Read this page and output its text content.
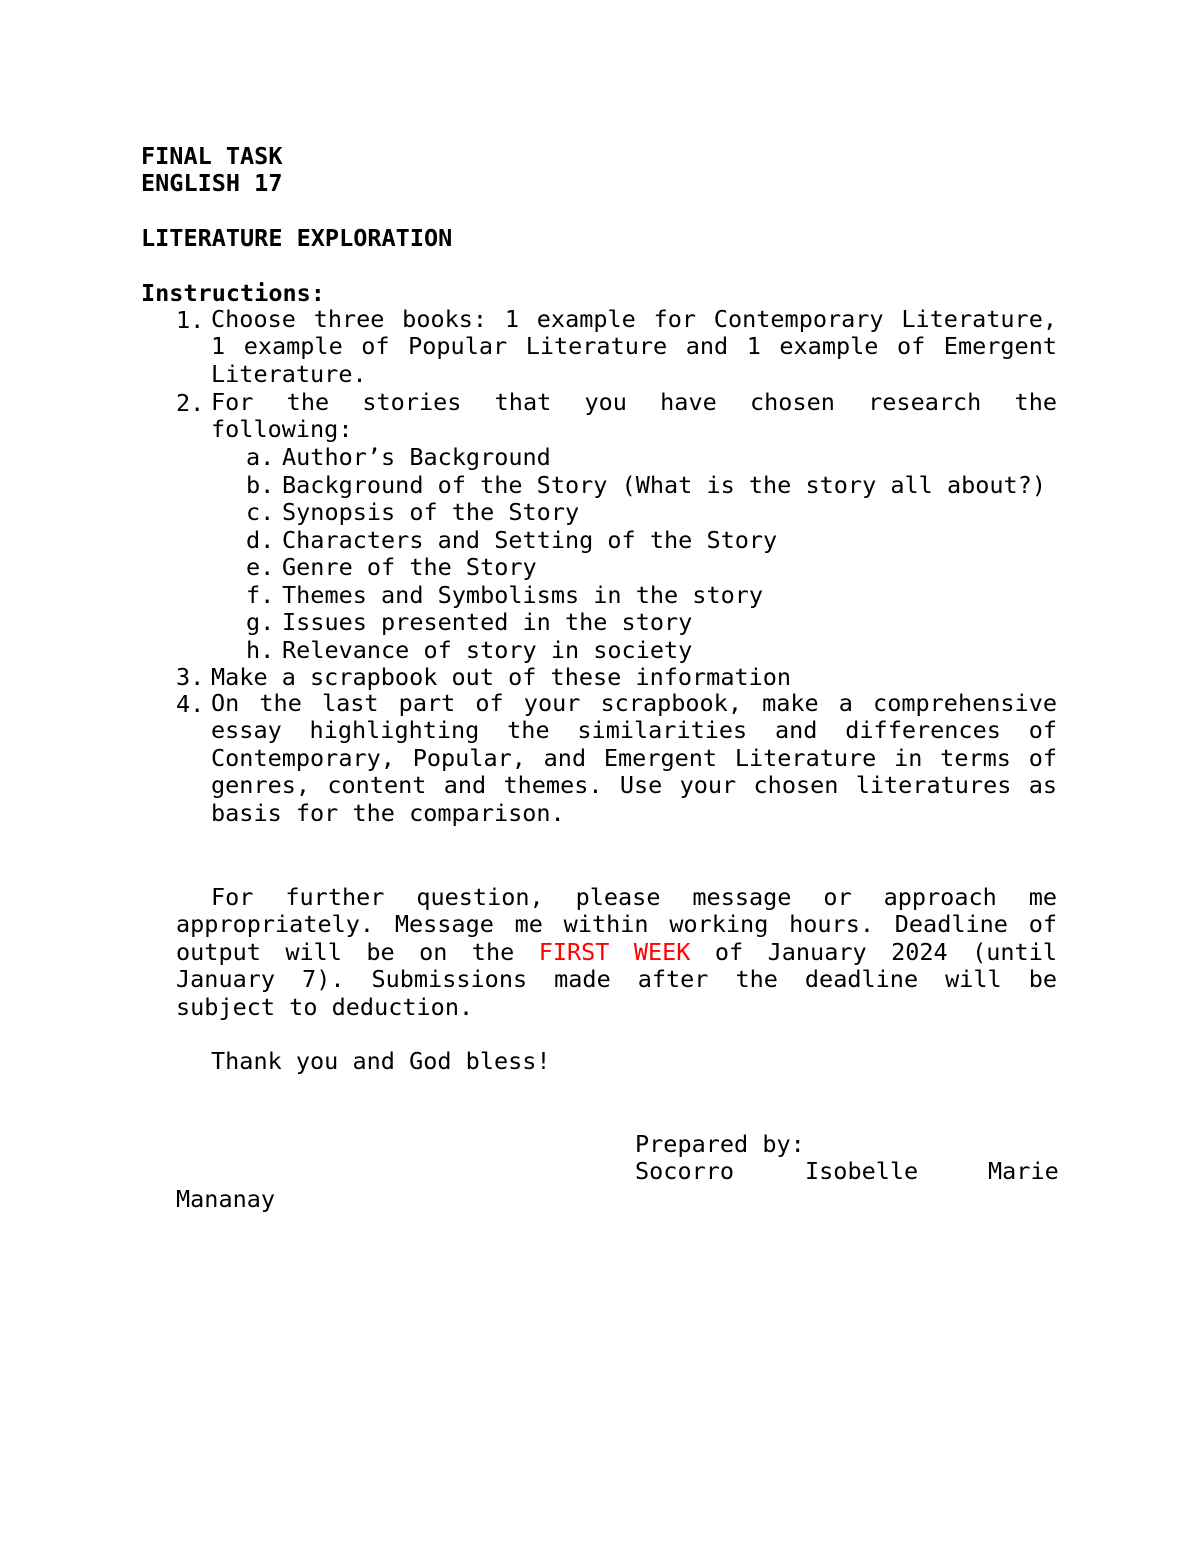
FINAL TASK
ENGLISH 17
LITERATURE EXPLORATION
Instructions:
1. Choose three books: 1 example for Contemporary Literature, 1 example of Popular Literature and 1 example of Emergent Literature.
2. For the stories that you have chosen research the following:
a. Author’s Background
b. Background of the Story (What is the story all about?)
c. Synopsis of the Story
d. Characters and Setting of the Story
e. Genre of the Story
f. Themes and Symbolisms in the story
g. Issues presented in the story
h. Relevance of story in society
3. Make a scrapbook out of these information
4. On the last part of your scrapbook, make a comprehensive essay highlighting the similarities and differences of Contemporary, Popular, and Emergent Literature in terms of genres, content and themes. Use your chosen literatures as basis for the comparison.
For further question, please message or approach me appropriately. Message me within working hours. Deadline of output will be on the FIRST WEEK of January 2024 (until January 7). Submissions made after the deadline will be subject to deduction.
Thank you and God bless!
Prepared by:
Socorro	Isobelle	Marie
Mananay
